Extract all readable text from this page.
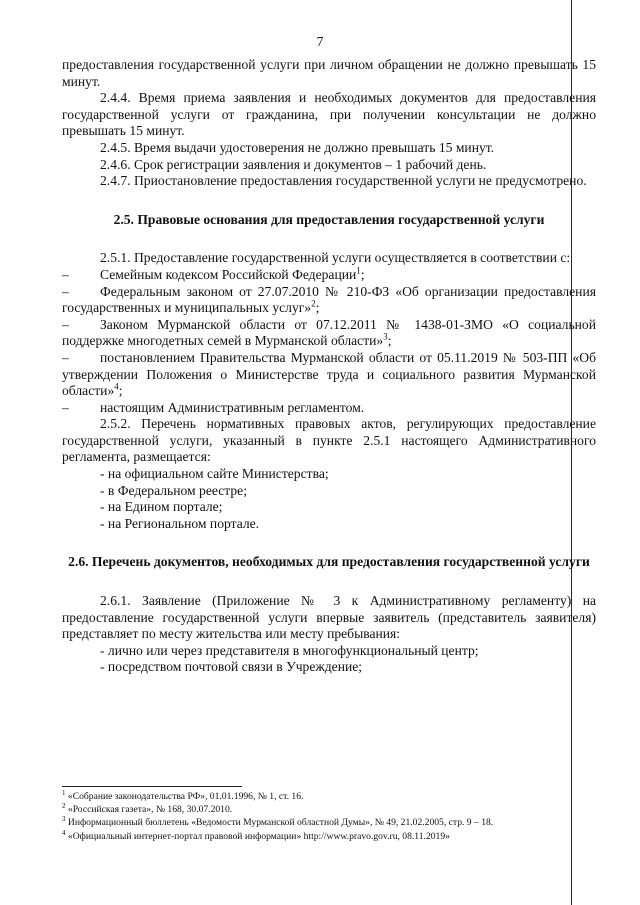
7

предоставления государственной услуги при личном обращении не должно превышать 15 минут.

2.4.4. Время приема заявления и необходимых документов для предоставления государственной услуги от гражданина, при получении консультации не должно превышать 15 минут.

2.4.5. Время выдачи удостоверения не должно превышать 15 минут.

2.4.6. Срок регистрации заявления и документов – 1 рабочий день.

2.4.7. Приостановление предоставления государственной услуги не предусмотрено.

2.5. Правовые основания для предоставления государственной услуги

2.5.1. Предоставление государственной услуги осуществляется в соответствии с:

– Семейным кодексом Российской Федерации$^1$;

– Федеральным законом от 27.07.2010 № 210-ФЗ «Об организации предоставления государственных и муниципальных услуг»$^2$;

– Законом Мурманской области от 07.12.2011 № 1438-01-ЗМО «О социальной поддержке многодетных семей в Мурманской области»$^3$;

– постановлением Правительства Мурманской области от 05.11.2019 № 503-ПП «Об утверждении Положения о Министерстве труда и социального развития Мурманской области»$^4$;

– настоящим Административным регламентом.

2.5.2. Перечень нормативных правовых актов, регулирующих предоставление государственной услуги, указанный в пункте 2.5.1 настоящего Административного регламента, размещается:

- на официальном сайте Министерства;

- в Федеральном реестре;

- на Едином портале;

- на Региональном портале.

2.6. Перечень документов, необходимых для предоставления государственной услуги

2.6.1. Заявление (Приложение № 3 к Административному регламенту) на предоставление государственной услуги впервые заявитель (представитель заявителя) представляет по месту жительства или месту пребывания:

- лично или через представителя в многофункциональный центр;

- посредством почтовой связи в Учреждение;

$^1$ «Собрание законодательства РФ», 01.01.1996, № 1, ст. 16.

$^2$ «Российская газета», № 168, 30.07.2010.

$^3$ Информационный бюллетень «Ведомости Мурманской областной Думы», № 49, 21.02.2005, стр. 9 – 18.

$^4$ «Официальный интернет-портал правовой информации» http://www.pravo.gov.ru, 08.11.2019»
